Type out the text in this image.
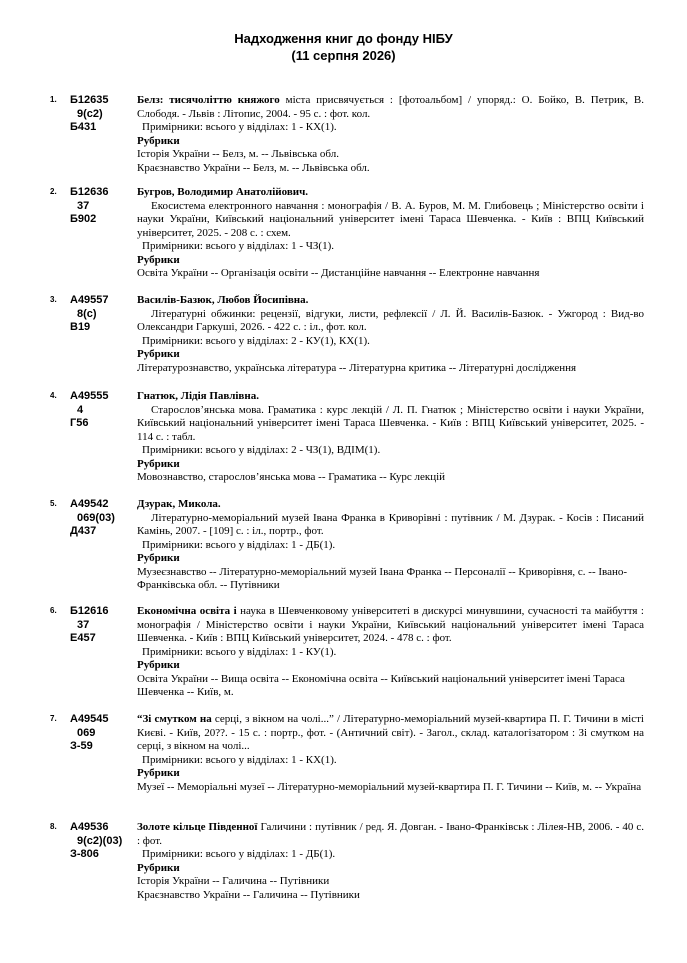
Надходження книг до фонду НІБУ
(11 серпня 2026)
1. Б12635
9(с2)
Б431

Белз: тисячоліттю княжого міста присвячується : [фотоальбом] / упоряд.: О. Бойко, В. Петрик, В. Слободя. - Львів : Літопис, 2004. - 95 с. : фот. кол.

Примірники: всього у відділах: 1 - КХ(1).

Рубрики

Історія України -- Белз, м. -- Львівська обл.

Краєзнавство України -- Белз, м. -- Львівська обл.

2. Б12636
37
Б902

Бугров, Володимир Анатолійович.

Екосистема електронного навчання : монографія / В. А. Буров, М. М. Глибовець ; Міністерство освіти і науки України, Київський національний університет імені Тараса Шевченка. - Київ : ВПЦ Київський університет, 2025. - 208 с. : схем.

Примірники: всього у відділах: 1 - ЧЗ(1).

Рубрики

Освіта України -- Організація освіти -- Дистанційне навчання -- Електронне навчання

3. А49557
8(с)
В19

Василів-Базюк, Любов Йосипівна.

Літературні обжинки: рецензії, відгуки, листи, рефлексії / Л. Й. Василів-Базюк. - Ужгород : Вид-во Олександри Гаркуші, 2026. - 422 с. : іл., фот. кол.

Примірники: всього у відділах: 2 - КУ(1), КХ(1).

Рубрики

Літературознавство, українська література -- Літературна критика -- Літературні дослідження

4. А49555
4
Г56

Гнатюк, Лідія Павлівна.

Старослов’янська мова. Граматика : курс лекцій / Л. П. Гнатюк ; Міністерство освіти і науки України, Київський національний університет імені Тараса Шевченка. - Київ : ВПЦ Київський університет, 2025. - 114 с. : табл.

Примірники: всього у відділах: 2 - ЧЗ(1), ВДІМ(1).

Рубрики

Мовознавство, старослов’янська мова -- Граматика -- Курс лекцій

5. А49542
069(03)
Д437

Дзурак, Микола.

Літературно-меморіальний музей Івана Франка в Криворівні : путівник / М. Дзурак. - Косів : Писаний Камінь, 2007. - [109] с. : іл., портр., фот.

Примірники: всього у відділах: 1 - ДБ(1).

Рубрики

Музеєзнавство -- Літературно-меморіальний музей Івана Франка -- Персоналії -- Криворівня, с. -- Івано-Франківська обл. -- Путівники

6. Б12616
37
Е457

Економічна освіта і наука в Шевченковому університеті в дискурсі минувшини, сучасності та майбуття : монографія / Міністерство освіти і науки України, Київський національний університет імені Тараса Шевченка. - Київ : ВПЦ Київський університет, 2024. - 478 с. : фот.

Примірники: всього у відділах: 1 - КУ(1).

Рубрики

Освіта України -- Вища освіта -- Економічна освіта -- Київський національний університет імені Тараса Шевченка -- Київ, м.

7. А49545
069
З-59

“Зі смутком на серці, з вікном на чолі...” / Літературно-меморіальний музей-квартира П. Г. Тичини в місті Києві. - Київ, 20??. - 15 с. : портр., фот. - (Античний світ). - Загол., склад. каталогізатором : Зі смутком на серці, з вікном на чолі...

Примірники: всього у відділах: 1 - КХ(1).

Рубрики

Музеї -- Меморіальні музеї -- Літературно-меморіальний музей-квартира П. Г. Тичини -- Київ, м. -- Україна

8. А49536
9(с2)(03)
З-806

Золоте кільце Південної Галичини : путівник / ред. Я. Довган. - Івано-Франківськ : Лілея-НВ, 2006. - 40 с. : фот.

Примірники: всього у відділах: 1 - ДБ(1).

Рубрики

Історія України -- Галичина -- Путівники

Краєзнавство України -- Галичина -- Путівники
